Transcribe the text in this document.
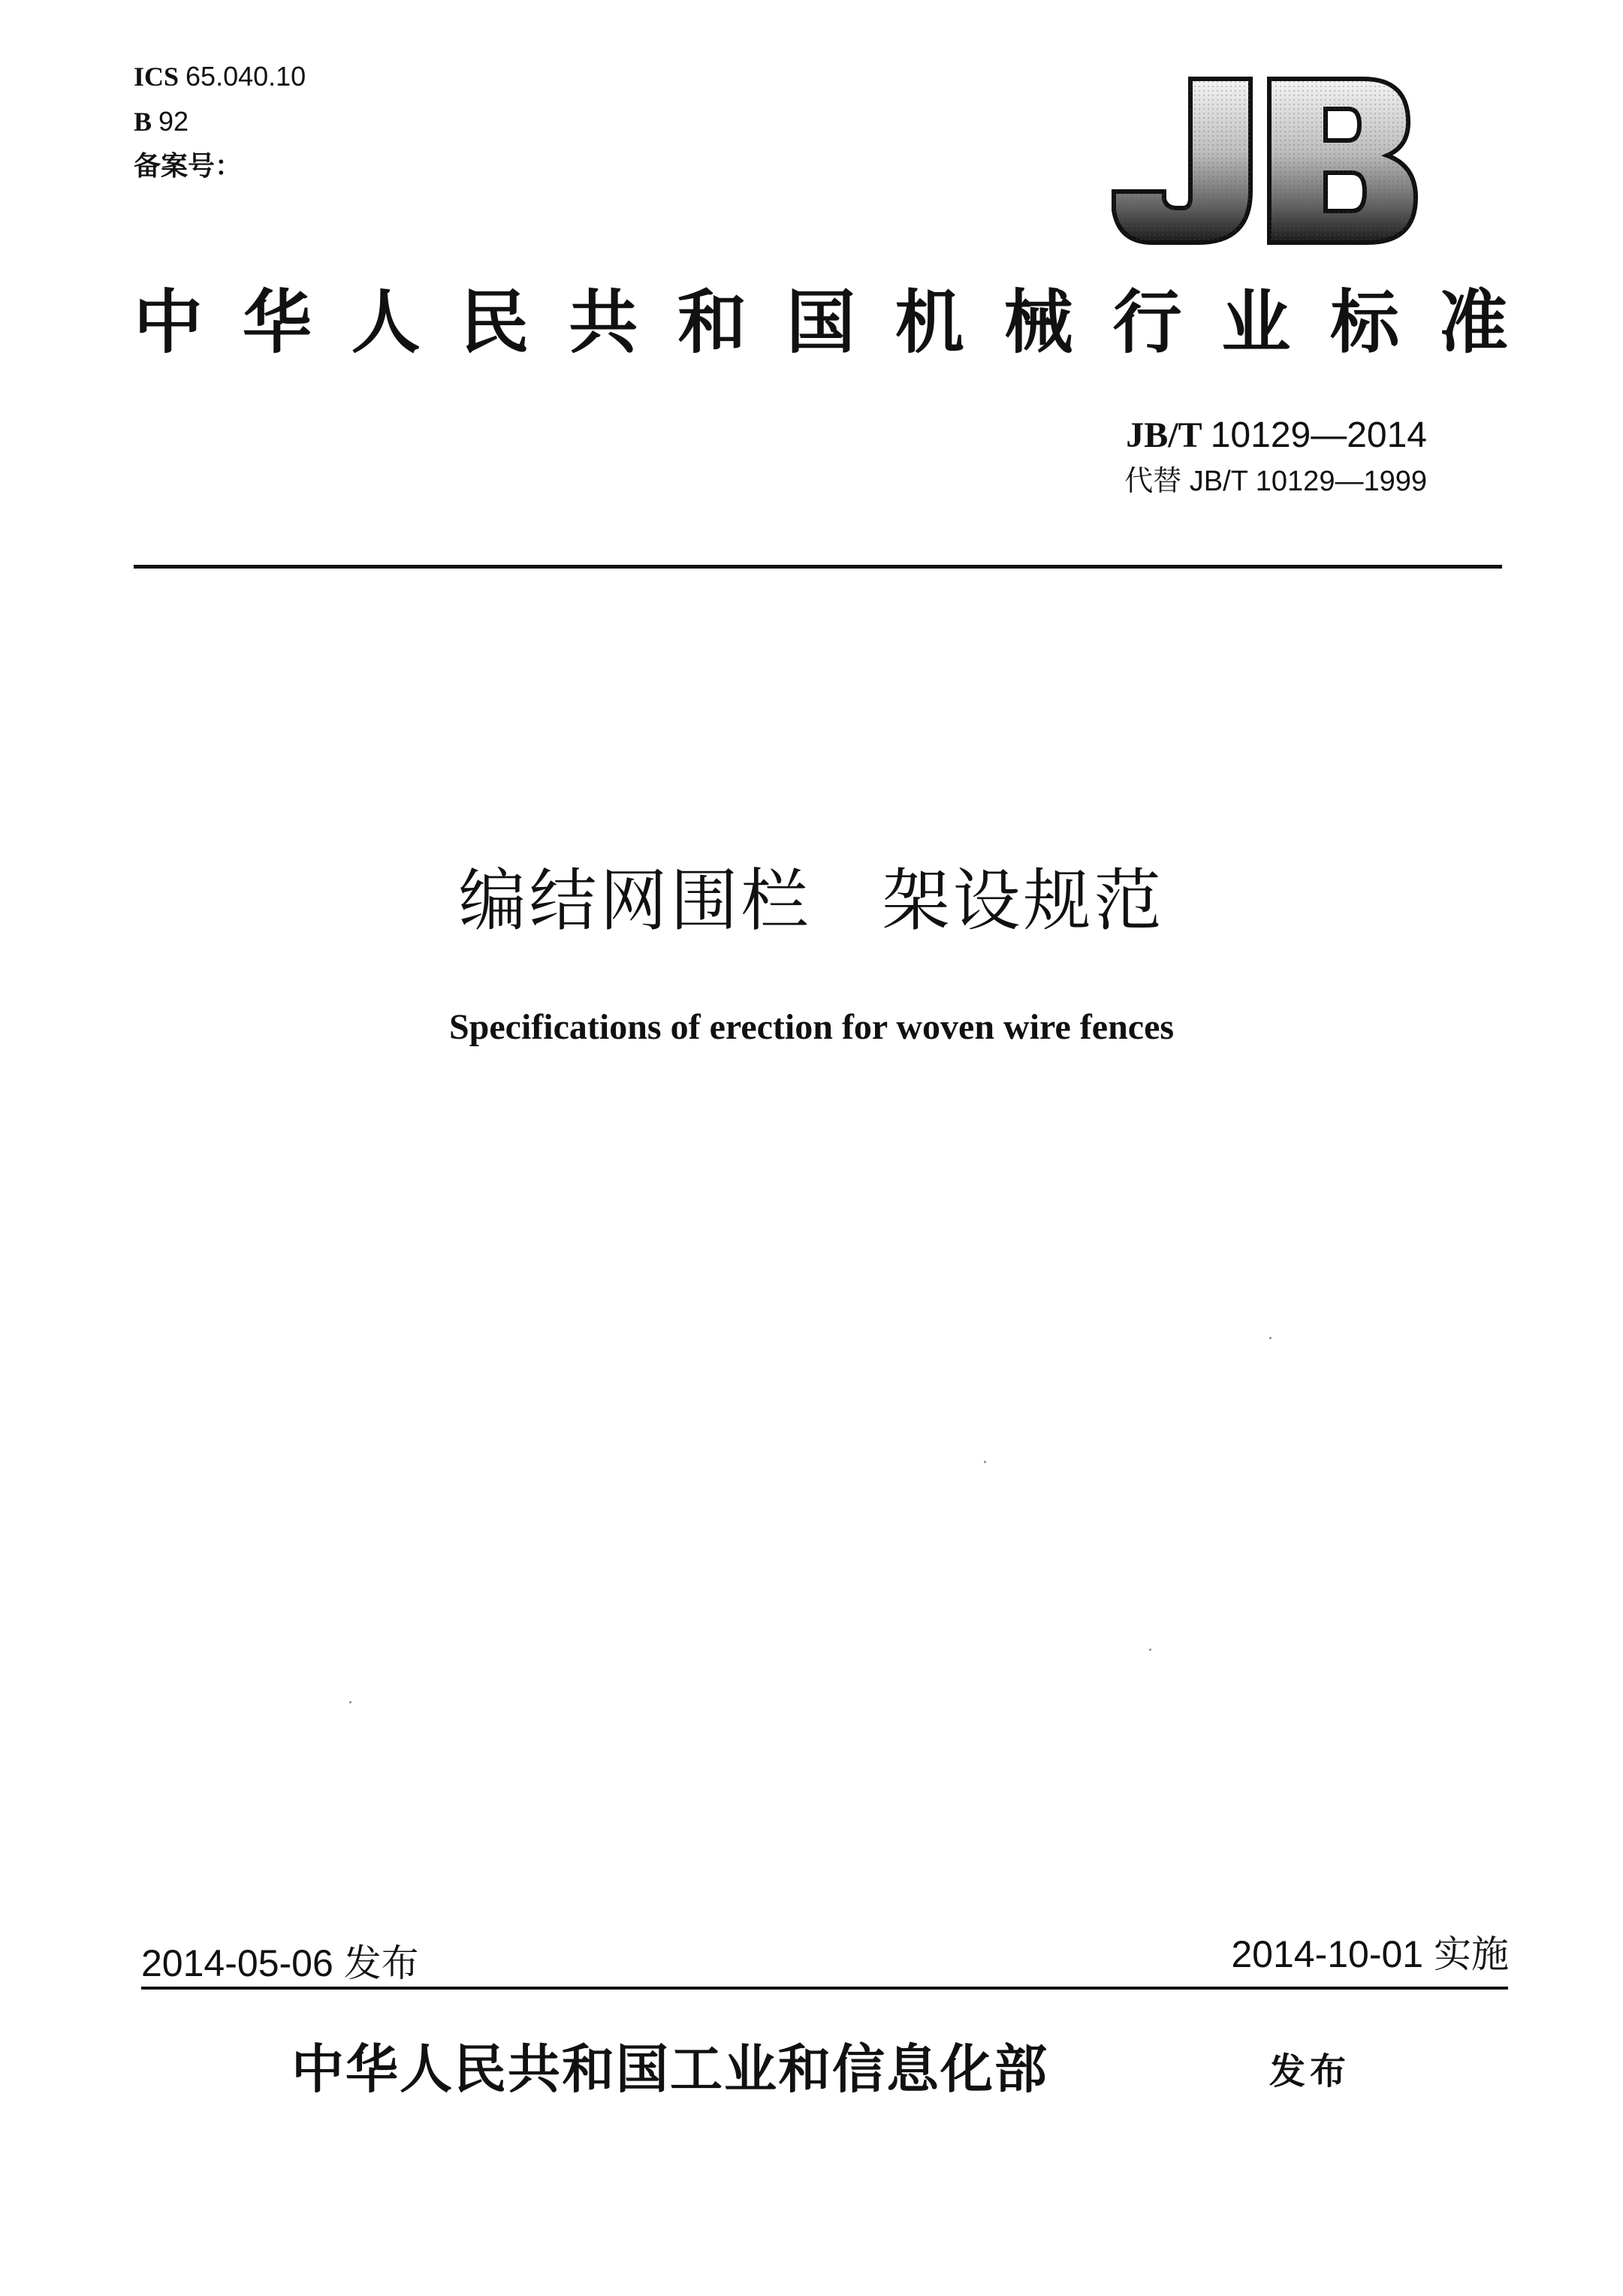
ICS 65.040.10
B 92
备案号：
JB
中 华 人 民 共 和 国 机 械 行 业 标 准
JB/T 10129—2014
代替 JB/T 10129—1999
编结网围栏　架设规范
Specifications of erection for woven wire fences
2014-05-06 发布	2014-10-01 实施
中华人民共和国工业和信息化部	发布
